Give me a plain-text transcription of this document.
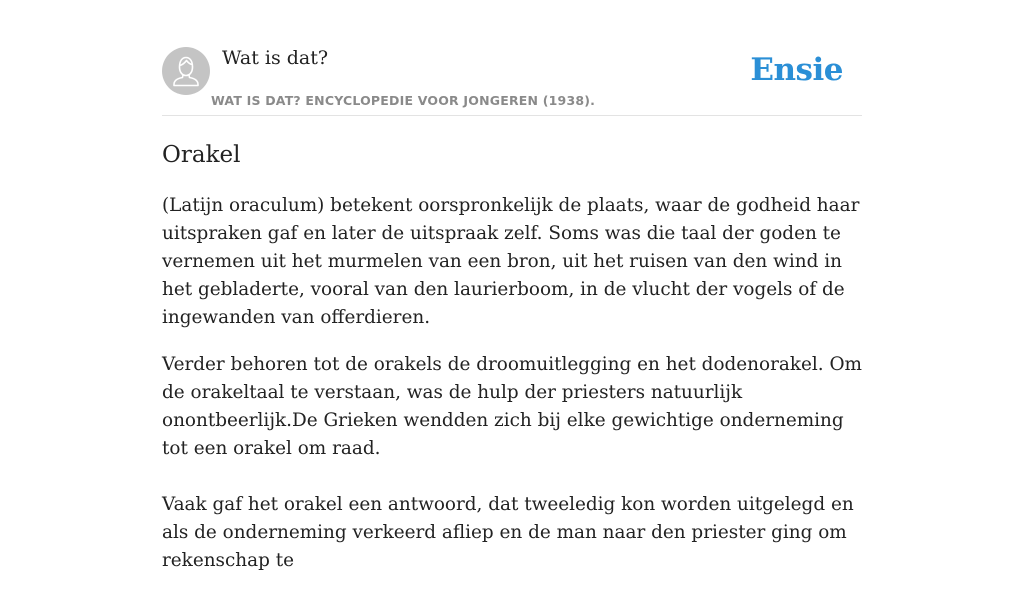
Wat is dat?
WAT IS DAT? ENCYCLOPEDIE VOOR JONGEREN (1938).
Ensie
Orakel

(Latijn oraculum) betekent oorspronkelijk de plaats, waar de godheid haar uitspraken gaf en later de uitspraak zelf. Soms was die taal der goden te vernemen uit het murmelen van een bron, uit het ruisen van den wind in het gebladerte, vooral van den laurierboom, in de vlucht der vogels of de ingewanden van offerdieren.

Verder behoren tot de orakels de droomuitlegging en het dodenorakel. Om de orakeltaal te verstaan, was de hulp der priesters natuurlijk onontbeerlijk.De Grieken wendden zich bij elke gewichtige onderneming tot een orakel om raad.

Vaak gaf het orakel een antwoord, dat tweeledig kon worden uitgelegd en als de onderneming verkeerd afliep en de man naar den priester ging om rekenschap te
